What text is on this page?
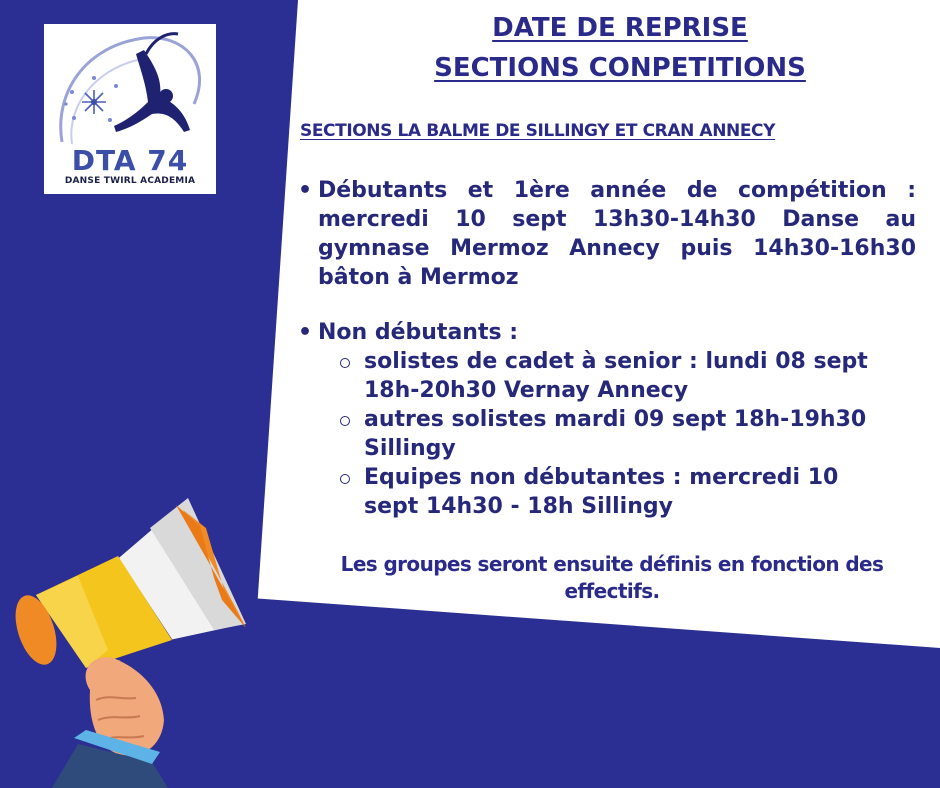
DTA 74
DANSE TWIRL ACADEMIA
DATE DE REPRISE
SECTIONS CONPETITIONS
SECTIONS LA BALME DE SILLINGY ET CRAN ANNECY
• Débutants et 1ère année de compétition : mercredi 10 sept 13h30-14h30 Danse au gymnase Mermoz Annecy puis 14h30-16h30 bâton à Mermoz
• Non débutants :
solistes de cadet à senior : lundi 08 sept
18h-20h30 Vernay Annecy
autres solistes mardi 09 sept 18h-19h30
Sillingy
Equipes non débutantes : mercredi 10
sept 14h30 - 18h Sillingy
Les groupes seront ensuite définis en fonction des
effectifs.
